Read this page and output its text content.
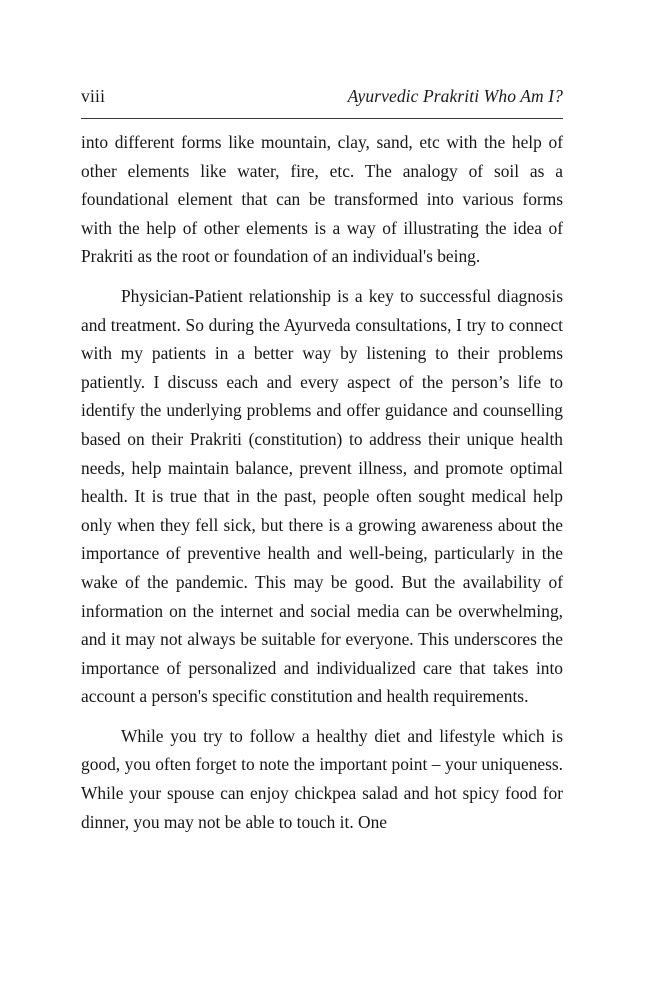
viii	Ayurvedic Prakriti Who Am I?

into different forms like mountain, clay, sand, etc with the help of other elements like water, fire, etc. The analogy of soil as a foundational element that can be transformed into various forms with the help of other elements is a way of illustrating the idea of Prakriti as the root or foundation of an individual's being.

Physician-Patient relationship is a key to successful diagnosis and treatment. So during the Ayurveda consultations, I try to connect with my patients in a better way by listening to their problems patiently. I discuss each and every aspect of the person’s life to identify the underlying problems and offer guidance and counselling based on their Prakriti (constitution) to address their unique health needs, help maintain balance, prevent illness, and promote optimal health. It is true that in the past, people often sought medical help only when they fell sick, but there is a growing awareness about the importance of preventive health and well-being, particularly in the wake of the pandemic. This may be good. But the availability of information on the internet and social media can be overwhelming, and it may not always be suitable for everyone. This underscores the importance of personalized and individualized care that takes into account a person's specific constitution and health requirements.

While you try to follow a healthy diet and lifestyle which is good, you often forget to note the important point – your uniqueness. While your spouse can enjoy chickpea salad and hot spicy food for dinner, you may not be able to touch it. One
